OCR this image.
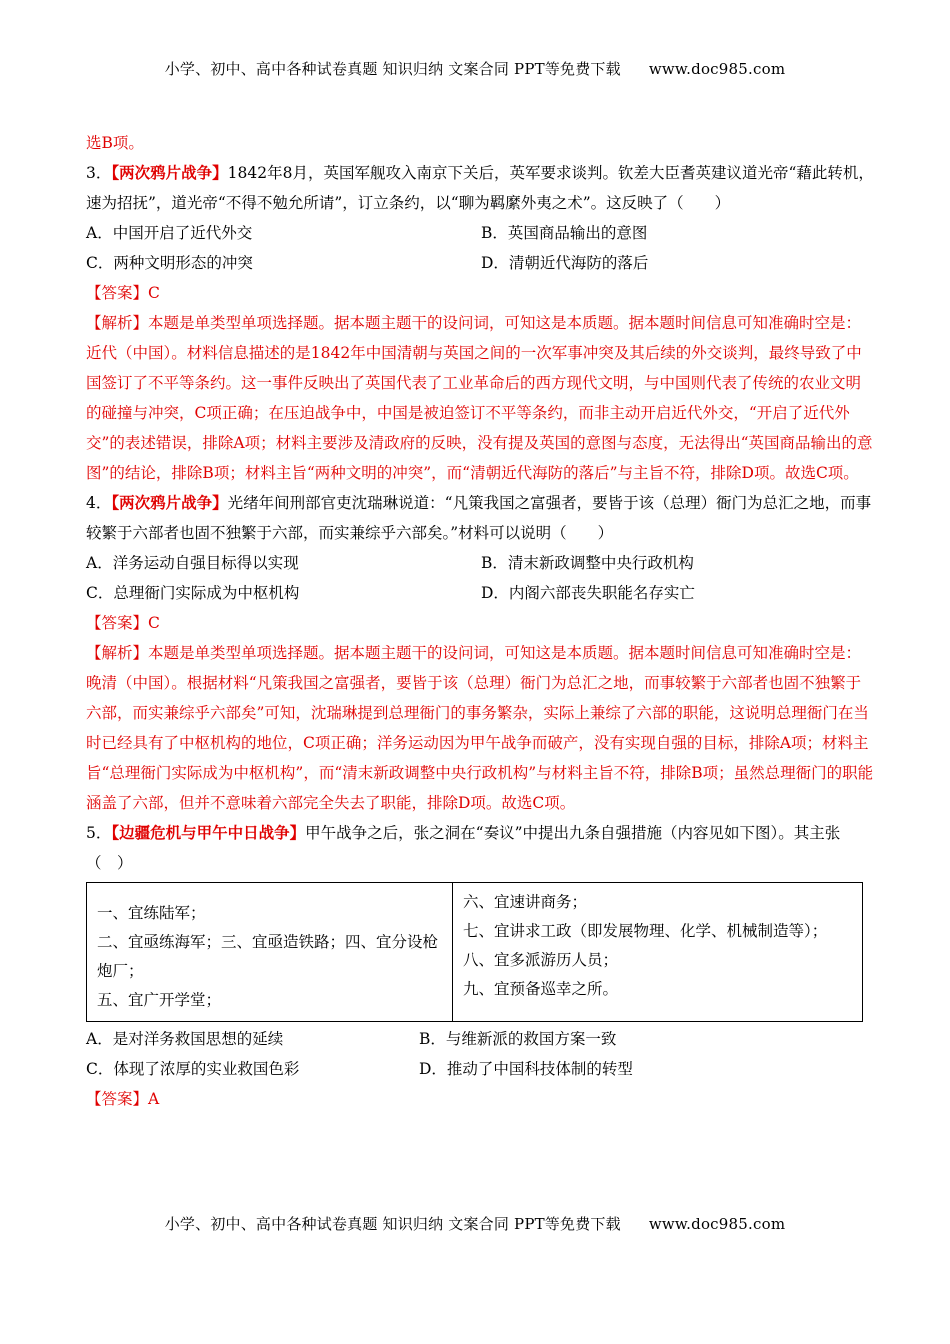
小学、初中、高中各种试卷真题 知识归纳 文案合同 PPT等免费下载 www.doc985.com

选B项。

3．【两次鸦片战争】1842年8月，英国军舰攻入南京下关后，英军要求谈判。钦差大臣耆英建议道光帝“藉此转机，速为招抚”，道光帝“不得不勉允所请”，订立条约，以“聊为羁縻外夷之术”。这反映了（　　）

A．中国开启了近代外交	B．英国商品输出的意图
C．两种文明形态的冲突	D．清朝近代海防的落后

【答案】C

【解析】本题是单类型单项选择题。据本题主题干的设问词，可知这是本质题。据本题时间信息可知准确时空是：近代（中国）。材料信息描述的是1842年中国清朝与英国之间的一次军事冲突及其后续的外交谈判，最终导致了中国签订了不平等条约。这一事件反映出了英国代表了工业革命后的西方现代文明，与中国则代表了传统的农业文明的碰撞与冲突，C项正确；在压迫战争中，中国是被迫签订不平等条约，而非主动开启近代外交，“开启了近代外交”的表述错误，排除A项；材料主要涉及清政府的反映，没有提及英国的意图与态度，无法得出“英国商品输出的意图”的结论，排除B项；材料主旨“两种文明的冲突”，而“清朝近代海防的落后”与主旨不符，排除D项。故选C项。

4．【两次鸦片战争】光绪年间刑部官吏沈瑞琳说道：“凡策我国之富强者，要皆于该（总理）衙门为总汇之地，而事较繁于六部者也固不独繁于六部，而实兼综乎六部矣。”材料可以说明（　　）

A．洋务运动自强目标得以实现	B．清末新政调整中央行政机构
C．总理衙门实际成为中枢机构	D．内阁六部丧失职能名存实亡

【答案】C

【解析】本题是单类型单项选择题。据本题主题干的设问词，可知这是本质题。据本题时间信息可知准确时空是：晚清（中国）。根据材料“凡策我国之富强者，要皆于该（总理）衙门为总汇之地，而事较繁于六部者也固不独繁于六部，而实兼综乎六部矣”可知，沈瑞琳提到总理衙门的事务繁杂，实际上兼综了六部的职能，这说明总理衙门在当时已经具有了中枢机构的地位，C项正确；洋务运动因为甲午战争而破产，没有实现自强的目标，排除A项；材料主旨“总理衙门实际成为中枢机构”，而“清末新政调整中央行政机构”与材料主旨不符，排除B项；虽然总理衙门的职能涵盖了六部，但并不意味着六部完全失去了职能，排除D项。故选C项。

5．【边疆危机与甲午中日战争】甲午战争之后，张之洞在“奏议”中提出九条自强措施（内容见如下图）。其主张（　）

一、宜练陆军；
二、宜亟练海军；三、宜亟造铁路；四、宜分设枪炮厂；
五、宜广开学堂；

六、宜速讲商务；
七、宜讲求工政（即发展物理、化学、机械制造等）；
八、宜多派游历人员；
九、宜预备巡幸之所。
A．是对洋务救国思想的延续	B．与维新派的救国方案一致
C．体现了浓厚的实业救国色彩	D．推动了中国科技体制的转型

【答案】A

小学、初中、高中各种试卷真题 知识归纳 文案合同 PPT等免费下载 www.doc985.com
